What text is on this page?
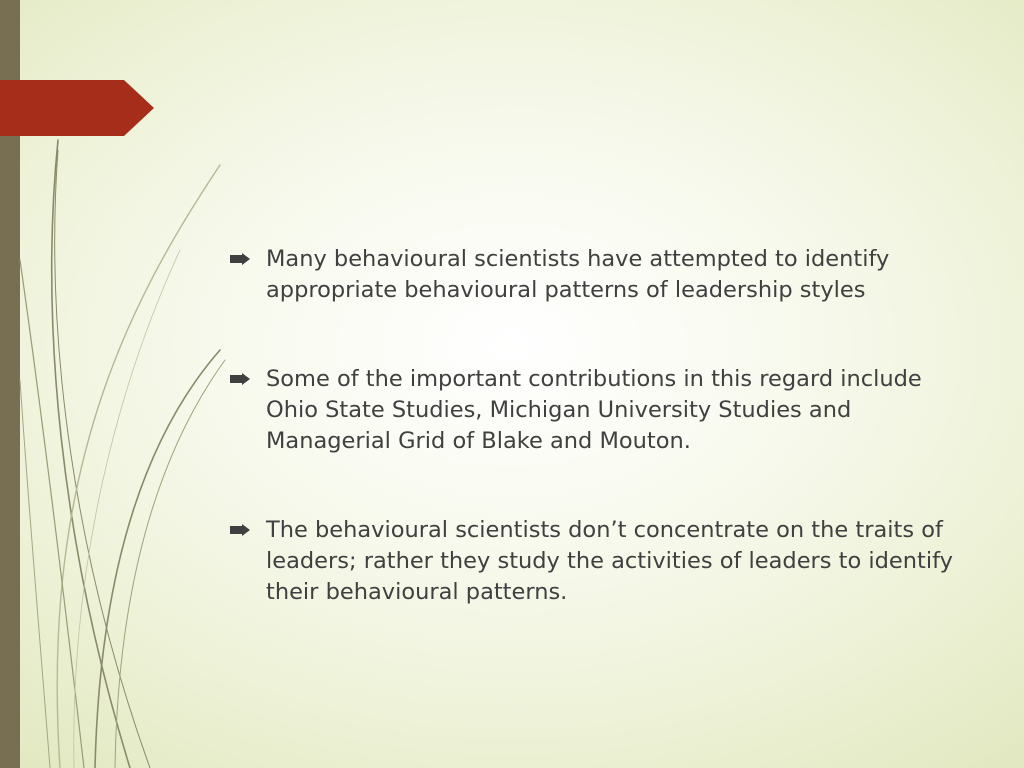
Many behavioural scientists have attempted to identify appropriate behavioural patterns of leadership styles
Some of the important contributions in this regard include Ohio State Studies, Michigan University Studies and Managerial Grid of Blake and Mouton.
The behavioural scientists don’t concentrate on the traits of leaders; rather they study the activities of leaders to identify their behavioural patterns.
